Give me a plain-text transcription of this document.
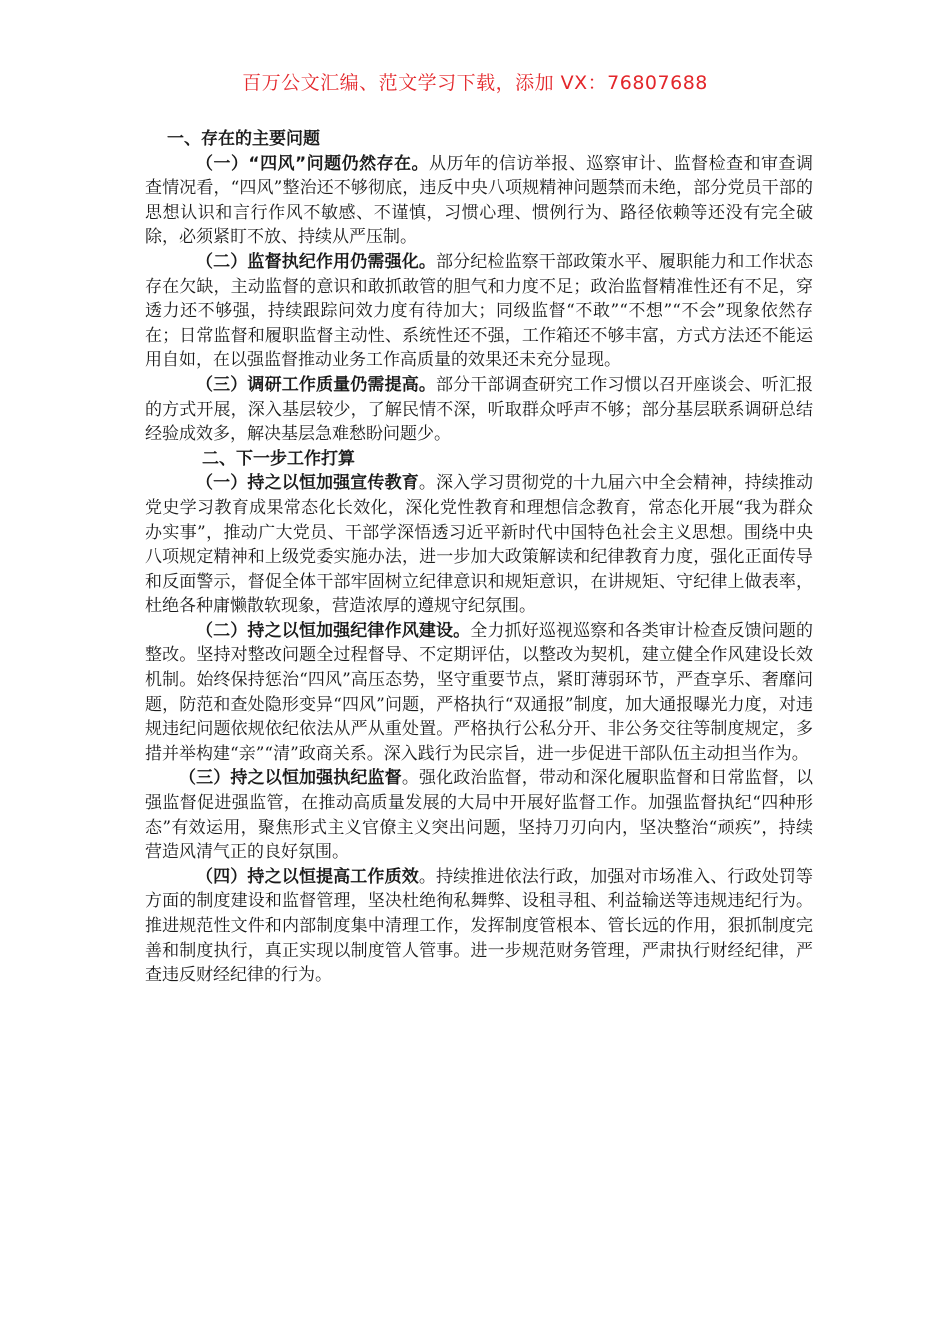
百万公文汇编、范文学习下载，添加 VX：76807688

一、存在的主要问题

（一）“四风”问题仍然存在。从历年的信访举报、巡察审计、监督检查和审查调查情况看，“四风”整治还不够彻底，违反中央八项规精神问题禁而未绝，部分党员干部的思想认识和言行作风不敏感、不谨慎，习惯心理、惯例行为、路径依赖等还没有完全破除，必须紧盯不放、持续从严压制。

（二）监督执纪作用仍需强化。部分纪检监察干部政策水平、履职能力和工作状态存在欠缺，主动监督的意识和敢抓敢管的胆气和力度不足；政治监督精准性还有不足，穿透力还不够强，持续跟踪问效力度有待加大；同级监督“不敢”“不想”“不会”现象依然存在；日常监督和履职监督主动性、系统性还不强，工作箱还不够丰富，方式方法还不能运用自如，在以强监督推动业务工作高质量的效果还未充分显现。

（三）调研工作质量仍需提高。部分干部调查研究工作习惯以召开座谈会、听汇报的方式开展，深入基层较少，了解民情不深，听取群众呼声不够；部分基层联系调研总结经验成效多，解决基层急难愁盼问题少。

二、下一步工作打算

（一）持之以恒加强宣传教育。深入学习贯彻党的十九届六中全会精神，持续推动党史学习教育成果常态化长效化，深化党性教育和理想信念教育，常态化开展“我为群众办实事”，推动广大党员、干部学深悟透习近平新时代中国特色社会主义思想。围绕中央八项规定精神和上级党委实施办法，进一步加大政策解读和纪律教育力度，强化正面传导和反面警示，督促全体干部牢固树立纪律意识和规矩意识，在讲规矩、守纪律上做表率，杜绝各种庸懒散软现象，营造浓厚的遵规守纪氛围。

（二）持之以恒加强纪律作风建设。全力抓好巡视巡察和各类审计检查反馈问题的整改。坚持对整改问题全过程督导、不定期评估，以整改为契机，建立健全作风建设长效机制。始终保持惩治“四风”高压态势，坚守重要节点，紧盯薄弱环节，严查享乐、奢靡问题，防范和查处隐形变异“四风”问题，严格执行“双通报”制度，加大通报曝光力度，对违规违纪问题依规依纪依法从严从重处置。严格执行公私分开、非公务交往等制度规定，多措并举构建“亲”“清”政商关系。深入践行为民宗旨，进一步促进干部队伍主动担当作为。

（三）持之以恒加强执纪监督。强化政治监督，带动和深化履职监督和日常监督，以强监督促进强监管，在推动高质量发展的大局中开展好监督工作。加强监督执纪“四种形态”有效运用，聚焦形式主义官僚主义突出问题，坚持刀刃向内，坚决整治“顽疾”，持续营造风清气正的良好氛围。

（四）持之以恒提高工作质效。持续推进依法行政，加强对市场准入、行政处罚等方面的制度建设和监督管理，坚决杜绝徇私舞弊、设租寻租、利益输送等违规违纪行为。推进规范性文件和内部制度集中清理工作，发挥制度管根本、管长远的作用，狠抓制度完善和制度执行，真正实现以制度管人管事。进一步规范财务管理，严肃执行财经纪律，严查违反财经纪律的行为。
